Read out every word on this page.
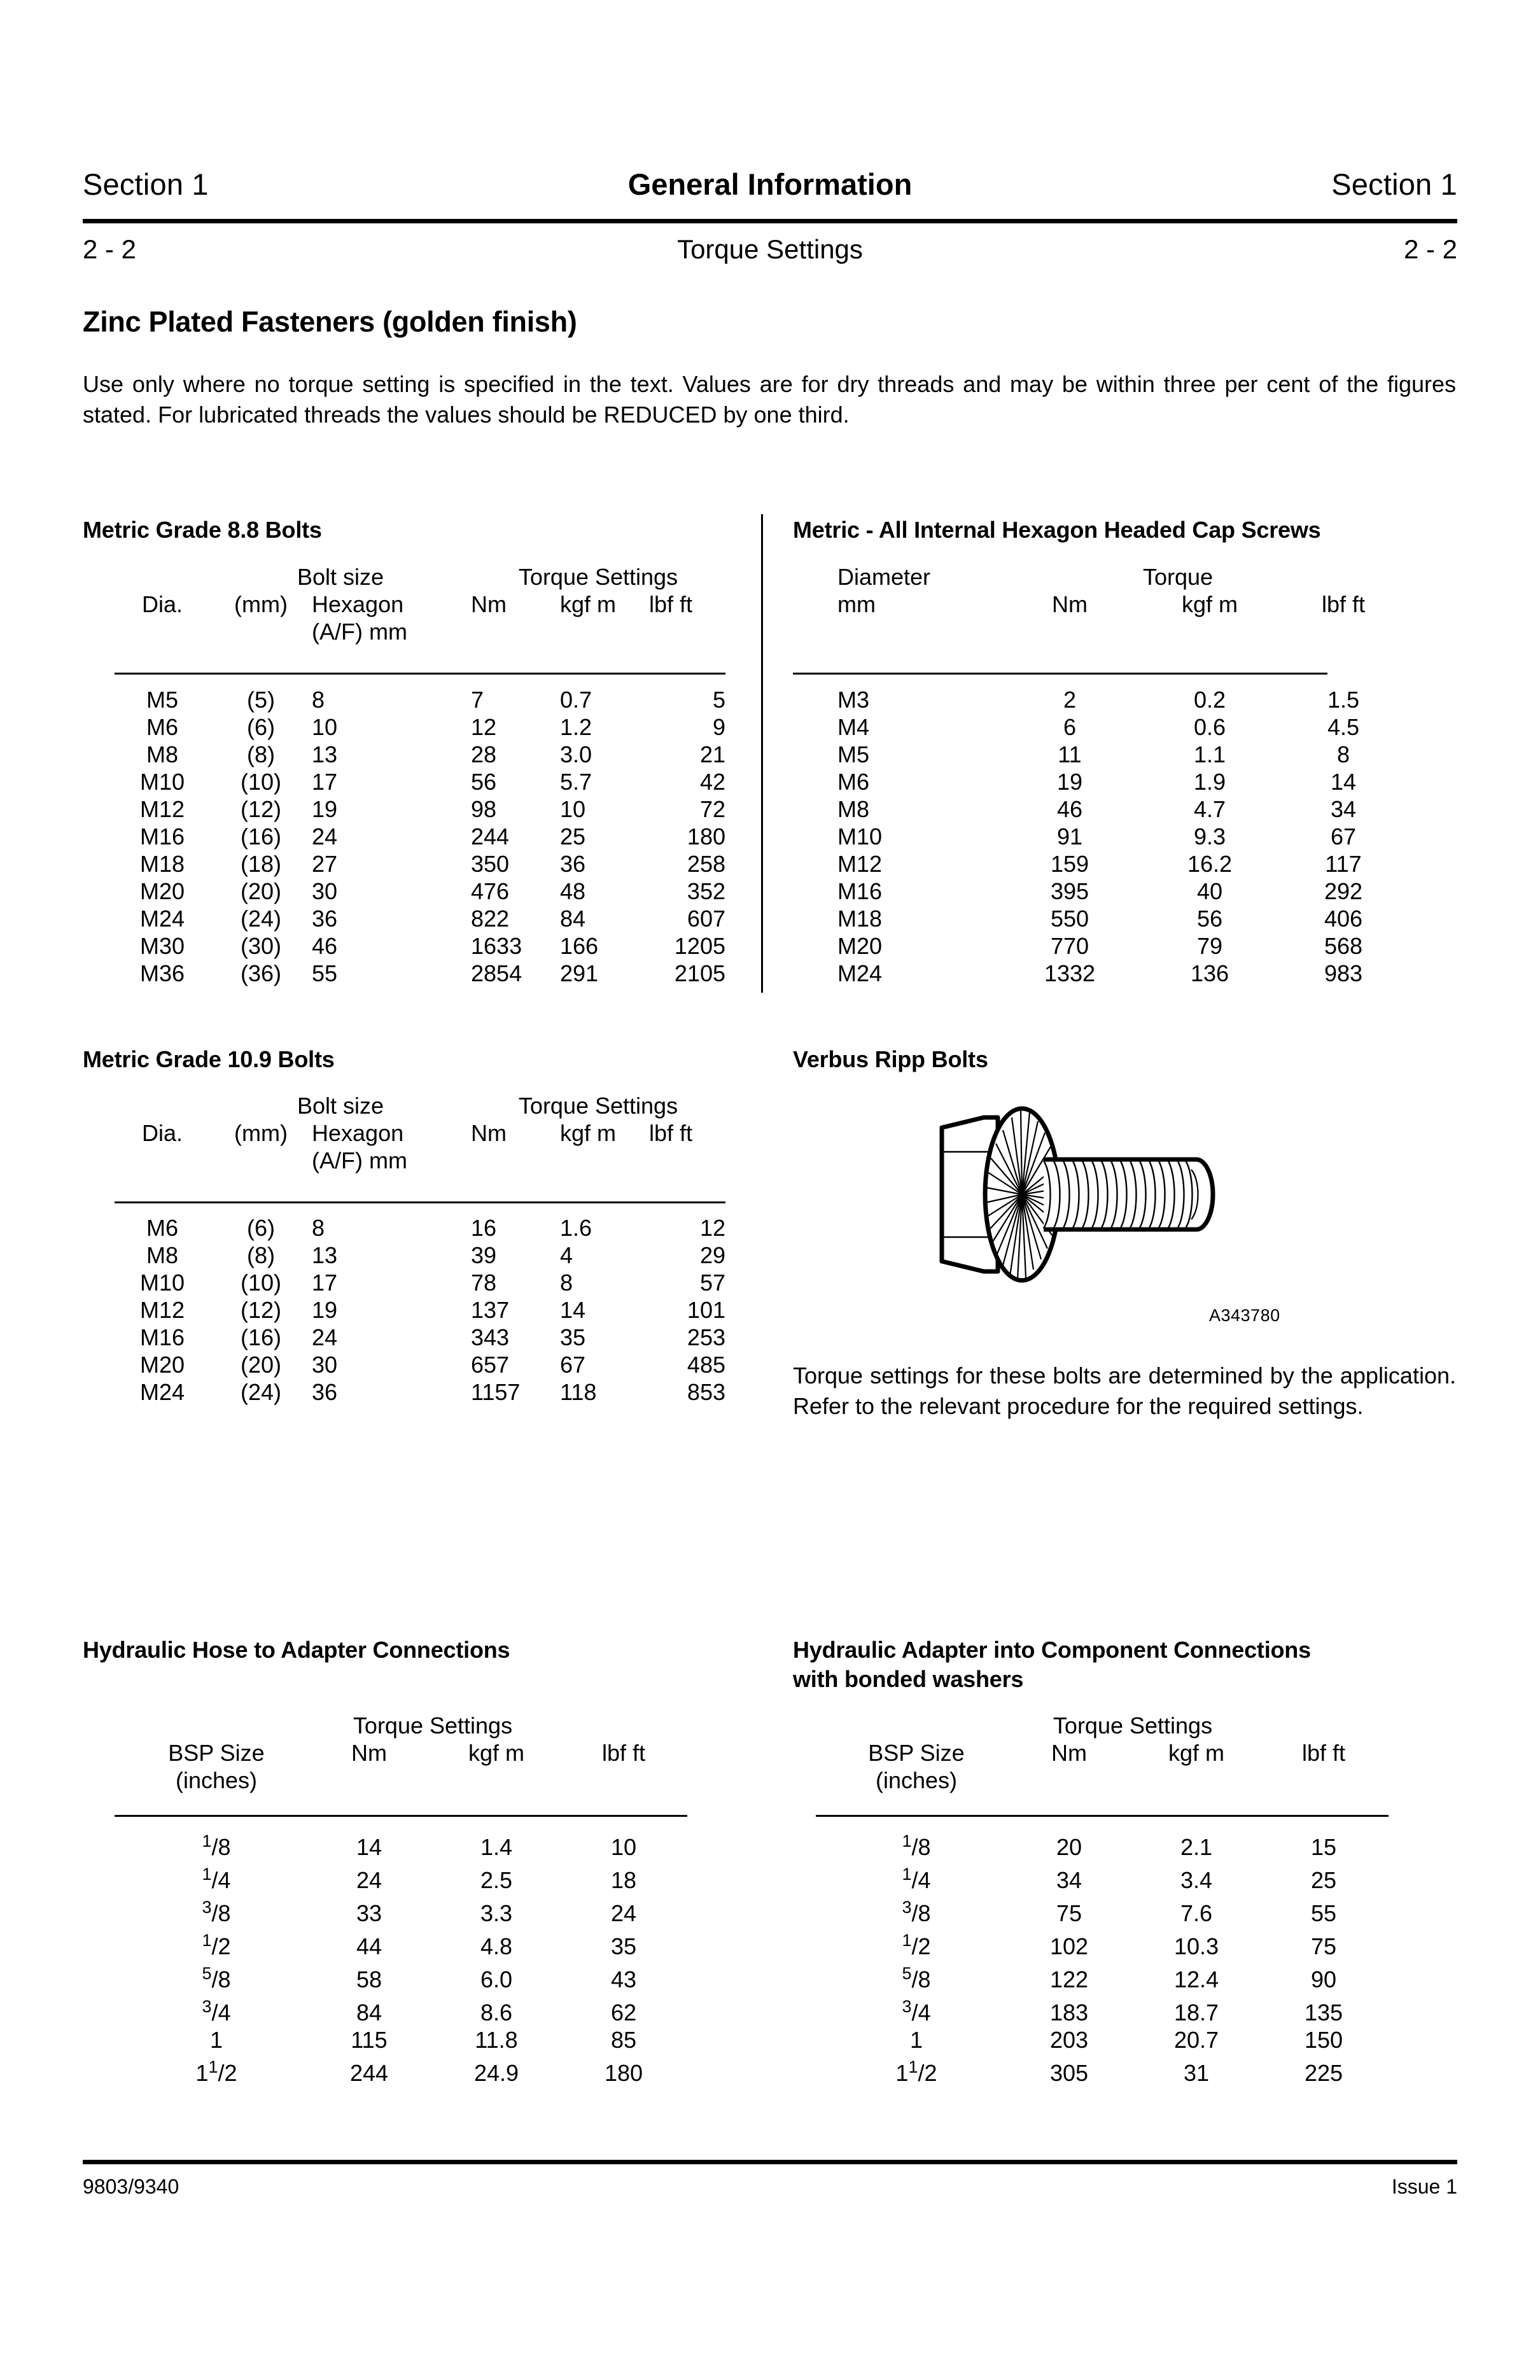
Section 1	General Information	Section 1
2 - 2	Torque Settings	2 - 2
Zinc Plated Fasteners (golden finish)
Use only where no torque setting is specified in the text. Values are for dry threads and may be within three per cent of the figures stated. For lubricated threads the values should be REDUCED by one third.
Metric Grade 8.8 Bolts
	Bolt size		Torque Settings		
Dia.	(mm)	Hexagon	Nm	kgf m	lbf ft
		(A/F) mm			
M5	(5)	8	7	0.7	5
M6	(6)	10	12	1.2	9
M8	(8)	13	28	3.0	21
M10	(10)	17	56	5.7	42
M12	(12)	19	98	10	72
M16	(16)	24	244	25	180
M18	(18)	27	350	36	258
M20	(20)	30	476	48	352
M24	(24)	36	822	84	607
M30	(30)	46	1633	166	1205
M36	(36)	55	2854	291	2105
Metric - All Internal Hexagon Headed Cap Screws
Diameter		Torque	
mm	Nm	kgf m	lbf ft

M3	2	0.2	1.5
M4	6	0.6	4.5
M5	11	1.1	8
M6	19	1.9	14
M8	46	4.7	34
M10	91	9.3	67
M12	159	16.2	117
M16	395	40	292
M18	550	56	406
M20	770	79	568
M24	1332	136	983
Metric Grade 10.9 Bolts
	Bolt size		Torque Settings		
Dia.	(mm)	Hexagon	Nm	kgf m	lbf ft
		(A/F) mm			
M6	(6)	8	16	1.6	12
M8	(8)	13	39	4	29
M10	(10)	17	78	8	57
M12	(12)	19	137	14	101
M16	(16)	24	343	35	253
M20	(20)	30	657	67	485
M24	(24)	36	1157	118	853
Verbus Ripp Bolts
A343780
Torque settings for these bolts are determined by the application. Refer to the relevant procedure for the required settings.
Hydraulic Hose to Adapter Connections
	Torque Settings		
BSP Size	Nm	kgf m	lbf ft
(inches)			
$^1$/8	14	1.4	10
$^1$/4	24	2.5	18
$^3$/8	33	3.3	24
$^1$/2	44	4.8	35
$^5$/8	58	6.0	43
$^3$/4	84	8.6	62
1	115	11.8	85
$1^1/2$	244	24.9	180
Hydraulic Adapter into Component Connections
with bonded washers
	Torque Settings		
BSP Size	Nm	kgf m	lbf ft
(inches)			
$^1$/8	20	2.1	15
$^1$/4	34	3.4	25
$^3$/8	75	7.6	55
$^1$/2	102	10.3	75
$^5$/8	122	12.4	90
$^3$/4	183	18.7	135
1	203	20.7	150
$1^1/2$	305	31	225
9803/9340	Issue 1
